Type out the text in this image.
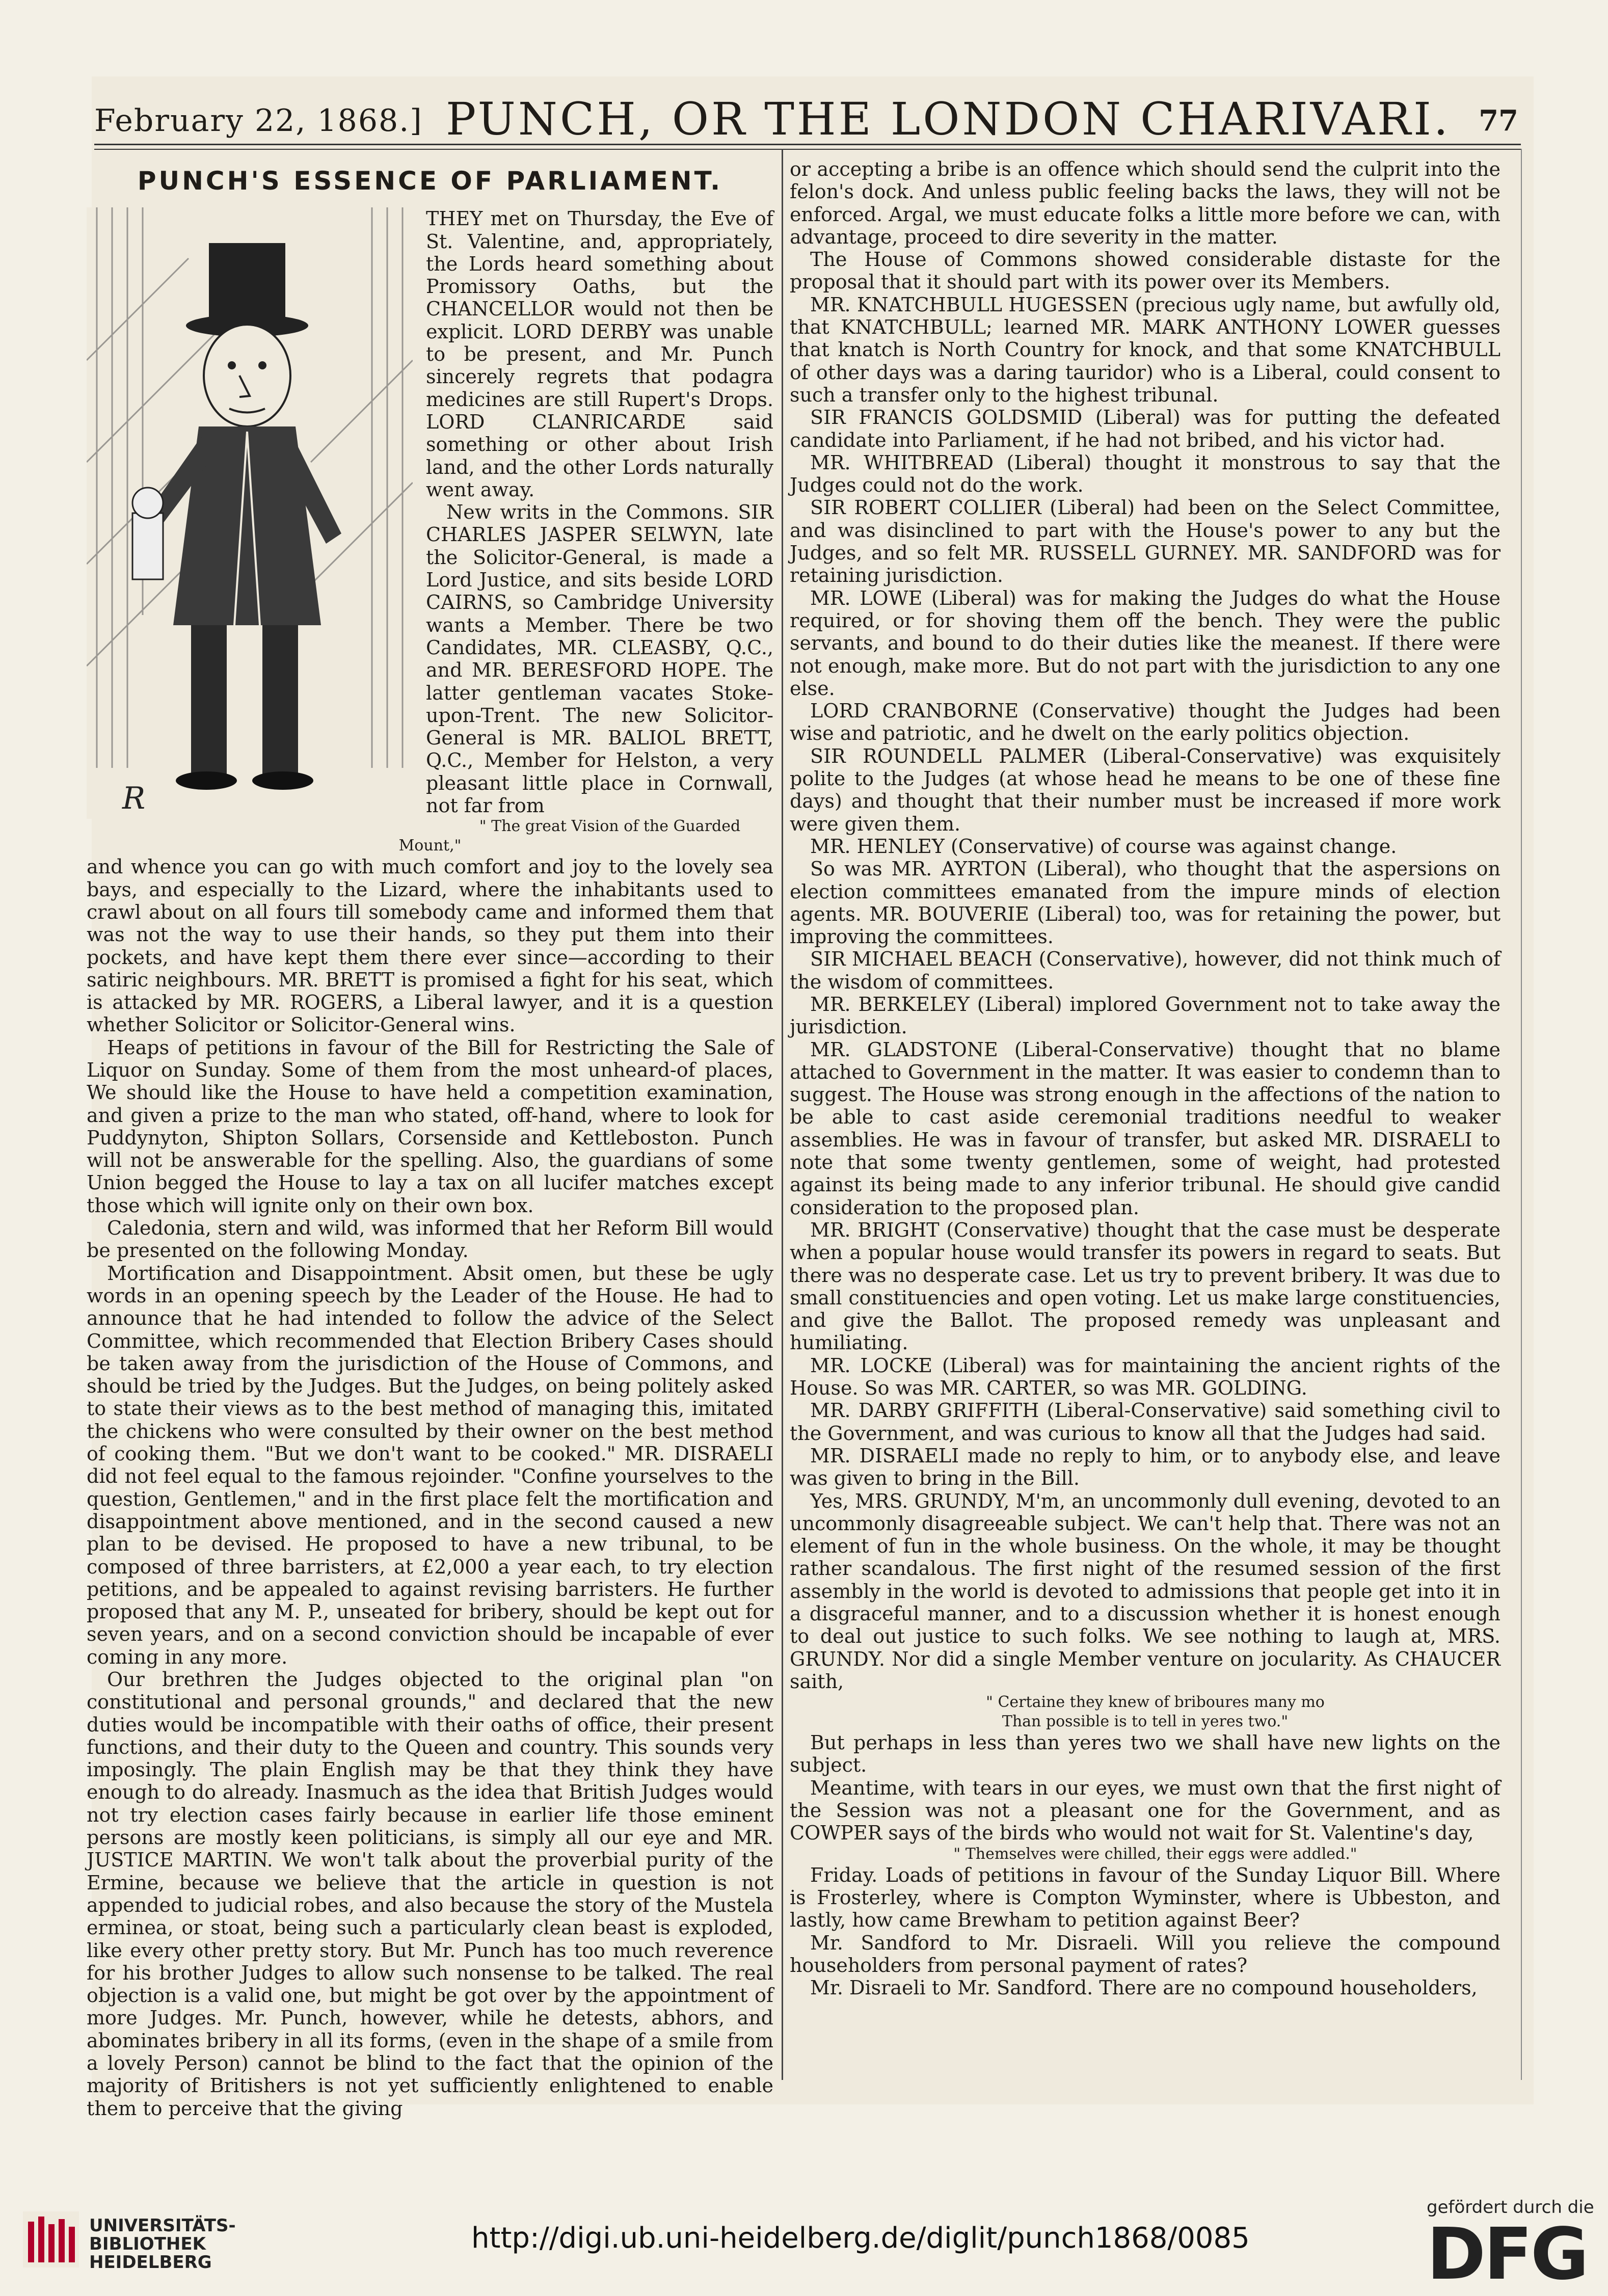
February 22, 1868.] PUNCH, OR THE LONDON CHARIVARI. 77
PUNCH'S ESSENCE OF PARLIAMENT.
R

THEY met on Thursday, the Eve of St. Valentine, and, appropriately, the Lords heard something about Promissory Oaths, but the CHANCELLOR would not then be explicit. LORD DERBY was unable to be present, and Mr. Punch sincerely regrets that podagra medicines are still Rupert's Drops. LORD CLANRICARDE said something or other about Irish land, and the other Lords naturally went away.

New writs in the Commons. SIR CHARLES JASPER SELWYN, late the Solicitor-General, is made a Lord Justice, and sits beside LORD CAIRNS, so Cambridge University wants a Member. There be two Candidates, MR. CLEASBY, Q.C., and MR. BERESFORD HOPE. The latter gentleman vacates Stoke-upon-Trent. The new Solicitor-General is MR. BALIOL BRETT, Q.C., Member for Helston, a very pleasant little place in Cornwall, not far from

" The great Vision of the Guarded Mount,"

and whence you can go with much comfort and joy to the lovely sea bays, and especially to the Lizard, where the inhabitants used to crawl about on all fours till somebody came and informed them that was not the way to use their hands, so they put them into their pockets, and have kept them there ever since—according to their satiric neighbours. MR. BRETT is promised a fight for his seat, which is attacked by MR. ROGERS, a Liberal lawyer, and it is a question whether Solicitor or Solicitor-General wins.

Heaps of petitions in favour of the Bill for Restricting the Sale of Liquor on Sunday. Some of them from the most unheard-of places, We should like the House to have held a competition examination, and given a prize to the man who stated, off-hand, where to look for Puddynyton, Shipton Sollars, Corsenside and Kettleboston. Punch will not be answerable for the spelling. Also, the guardians of some Union begged the House to lay a tax on all lucifer matches except those which will ignite only on their own box.

Caledonia, stern and wild, was informed that her Reform Bill would be presented on the following Monday.

Mortification and Disappointment. Absit omen, but these be ugly words in an opening speech by the Leader of the House. He had to announce that he had intended to follow the advice of the Select Committee, which recommended that Election Bribery Cases should be taken away from the jurisdiction of the House of Commons, and should be tried by the Judges. But the Judges, on being politely asked to state their views as to the best method of managing this, imitated the chickens who were consulted by their owner on the best method of cooking them. "But we don't want to be cooked." MR. DISRAELI did not feel equal to the famous rejoinder. "Confine yourselves to the question, Gentlemen," and in the first place felt the mortification and disappointment above mentioned, and in the second caused a new plan to be devised. He proposed to have a new tribunal, to be composed of three barristers, at £2,000 a year each, to try election petitions, and be appealed to against revising barristers. He further proposed that any M. P., unseated for bribery, should be kept out for seven years, and on a second conviction should be incapable of ever coming in any more.

Our brethren the Judges objected to the original plan "on constitutional and personal grounds," and declared that the new duties would be incompatible with their oaths of office, their present functions, and their duty to the Queen and country. This sounds very imposingly. The plain English may be that they think they have enough to do already. Inasmuch as the idea that British Judges would not try election cases fairly because in earlier life those eminent persons are mostly keen politicians, is simply all our eye and MR. JUSTICE MARTIN. We won't talk about the proverbial purity of the Ermine, because we believe that the article in question is not appended to judicial robes, and also because the story of the Mustela erminea, or stoat, being such a particularly clean beast is exploded, like every other pretty story. But Mr. Punch has too much reverence for his brother Judges to allow such nonsense to be talked. The real objection is a valid one, but might be got over by the appointment of more Judges. Mr. Punch, however, while he detests, abhors, and abominates bribery in all its forms, (even in the shape of a smile from a lovely Person) cannot be blind to the fact that the opinion of the majority of Britishers is not yet sufficiently enlightened to enable them to perceive that the giving

or accepting a bribe is an offence which should send the culprit into the felon's dock. And unless public feeling backs the laws, they will not be enforced. Argal, we must educate folks a little more before we can, with advantage, proceed to dire severity in the matter.

The House of Commons showed considerable distaste for the proposal that it should part with its power over its Members.

MR. KNATCHBULL HUGESSEN (precious ugly name, but awfully old, that KNATCHBULL; learned MR. MARK ANTHONY LOWER guesses that knatch is North Country for knock, and that some KNATCHBULL of other days was a daring tauridor) who is a Liberal, could consent to such a transfer only to the highest tribunal.

SIR FRANCIS GOLDSMID (Liberal) was for putting the defeated candidate into Parliament, if he had not bribed, and his victor had.

MR. WHITBREAD (Liberal) thought it monstrous to say that the Judges could not do the work.

SIR ROBERT COLLIER (Liberal) had been on the Select Committee, and was disinclined to part with the House's power to any but the Judges, and so felt MR. RUSSELL GURNEY. MR. SANDFORD was for retaining jurisdiction.

MR. LOWE (Liberal) was for making the Judges do what the House required, or for shoving them off the bench. They were the public servants, and bound to do their duties like the meanest. If there were not enough, make more. But do not part with the jurisdiction to any one else.

LORD CRANBORNE (Conservative) thought the Judges had been wise and patriotic, and he dwelt on the early politics objection.

SIR ROUNDELL PALMER (Liberal-Conservative) was exquisitely polite to the Judges (at whose head he means to be one of these fine days) and thought that their number must be increased if more work were given them.

MR. HENLEY (Conservative) of course was against change.

So was MR. AYRTON (Liberal), who thought that the aspersions on election committees emanated from the impure minds of election agents. MR. BOUVERIE (Liberal) too, was for retaining the power, but improving the committees.

SIR MICHAEL BEACH (Conservative), however, did not think much of the wisdom of committees.

MR. BERKELEY (Liberal) implored Government not to take away the jurisdiction.

MR. GLADSTONE (Liberal-Conservative) thought that no blame attached to Government in the matter. It was easier to condemn than to suggest. The House was strong enough in the affections of the nation to be able to cast aside ceremonial traditions needful to weaker assemblies. He was in favour of transfer, but asked MR. DISRAELI to note that some twenty gentlemen, some of weight, had protested against its being made to any inferior tribunal. He should give candid consideration to the proposed plan.

MR. BRIGHT (Conservative) thought that the case must be desperate when a popular house would transfer its powers in regard to seats. But there was no desperate case. Let us try to prevent bribery. It was due to small constituencies and open voting. Let us make large constituencies, and give the Ballot. The proposed remedy was unpleasant and humiliating.

MR. LOCKE (Liberal) was for maintaining the ancient rights of the House. So was MR. CARTER, so was MR. GOLDING.

MR. DARBY GRIFFITH (Liberal-Conservative) said something civil to the Government, and was curious to know all that the Judges had said.

MR. DISRAELI made no reply to him, or to anybody else, and leave was given to bring in the Bill.

Yes, MRS. GRUNDY, M'm, an uncommonly dull evening, devoted to an uncommonly disagreeable subject. We can't help that. There was not an element of fun in the whole business. On the whole, it may be thought rather scandalous. The first night of the resumed session of the first assembly in the world is devoted to admissions that people get into it in a disgraceful manner, and to a discussion whether it is honest enough to deal out justice to such folks. We see nothing to laugh at, MRS. GRUNDY. Nor did a single Member venture on jocularity. As CHAUCER saith,

" Certaine they knew of briboures many mo
Than possible is to tell in yeres two."

But perhaps in less than yeres two we shall have new lights on the subject.

Meantime, with tears in our eyes, we must own that the first night of the Session was not a pleasant one for the Government, and as COWPER says of the birds who would not wait for St. Valentine's day,

" Themselves were chilled, their eggs were addled."

Friday. Loads of petitions in favour of the Sunday Liquor Bill. Where is Frosterley, where is Compton Wyminster, where is Ubbeston, and lastly, how came Brewham to petition against Beer?

Mr. Sandford to Mr. Disraeli. Will you relieve the compound householders from personal payment of rates?

Mr. Disraeli to Mr. Sandford. There are no compound householders,

UNIVERSITÄTS-
BIBLIOTHEK
HEIDELBERG
http://digi.ub.uni-heidelberg.de/diglit/punch1868/0085
gefördert durch die
DFG
